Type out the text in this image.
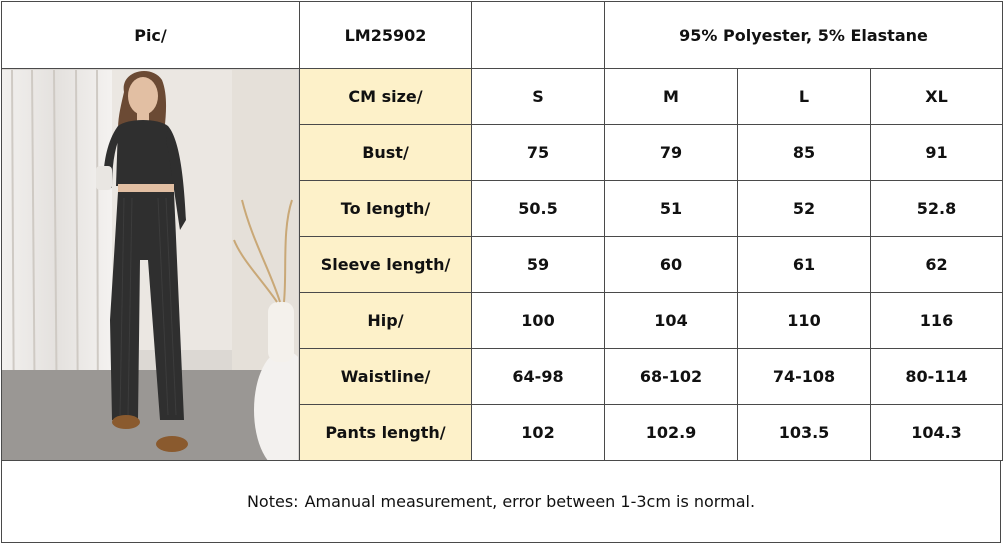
Pic/	LM25902		95% Polyester, 5% Elastane		

	CM size/	S	M	L	XL
	Bust/	75	79	85	91
	To length/	50.5	51	52	52.8
	Sleeve length/	59	60	61	62
	Hip/	100	104	110	116
	Waistline/	64-98	68-102	74-108	80-114
	Pants length/	102	102.9	103.5	104.3
Notes: Amanual measurement, error between 1-3cm is normal.
